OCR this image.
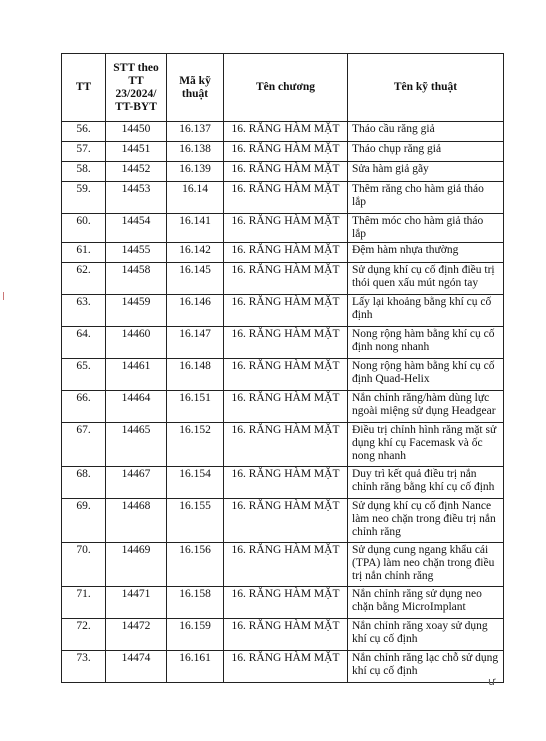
TT	STT theo TT 23/2024/ TT-BYT	Mã kỹ thuật	Tên chương	Tên kỹ thuật
56.	14450	16.137	16. RĂNG HÀM MẶT	Tháo cầu răng giả
57.	14451	16.138	16. RĂNG HÀM MẶT	Tháo chụp răng giả
58.	14452	16.139	16. RĂNG HÀM MẶT	Sửa hàm giả gãy
59.	14453	16.14	16. RĂNG HÀM MẶT	Thêm răng cho hàm giả tháo lắp
60.	14454	16.141	16. RĂNG HÀM MẶT	Thêm móc cho hàm giả tháo lắp
61.	14455	16.142	16. RĂNG HÀM MẶT	Đệm hàm nhựa thường
62.	14458	16.145	16. RĂNG HÀM MẶT	Sử dụng khí cụ cố định điều trị thói quen xấu mút ngón tay
63.	14459	16.146	16. RĂNG HÀM MẶT	Lấy lại khoảng bằng khí cụ cố định
64.	14460	16.147	16. RĂNG HÀM MẶT	Nong rộng hàm bằng khí cụ cố định nong nhanh
65.	14461	16.148	16. RĂNG HÀM MẶT	Nong rộng hàm bằng khí cụ cố định Quad-Helix
66.	14464	16.151	16. RĂNG HÀM MẶT	Nắn chỉnh răng/hàm dùng lực ngoài miệng sử dụng Headgear
67.	14465	16.152	16. RĂNG HÀM MẶT	Điều trị chỉnh hình răng mặt sử dụng khí cụ Facemask và ốc nong nhanh
68.	14467	16.154	16. RĂNG HÀM MẶT	Duy trì kết quả điều trị nắn chỉnh răng bằng khí cụ cố định
69.	14468	16.155	16. RĂNG HÀM MẶT	Sử dụng khí cụ cố định Nance làm neo chặn trong điều trị nắn chỉnh răng
70.	14469	16.156	16. RĂNG HÀM MẶT	Sử dụng cung ngang khẩu cái (TPA) làm neo chặn trong điều trị nắn chỉnh răng
71.	14471	16.158	16. RĂNG HÀM MẶT	Nắn chỉnh răng sử dụng neo chặn bằng MicroImplant
72.	14472	16.159	16. RĂNG HÀM MẶT	Nắn chỉnh răng xoay sử dụng khí cụ cố định
73.	14474	16.161	16. RĂNG HÀM MẶT	Nắn chỉnh răng lạc chỗ sử dụng khí cụ cố định
ư
